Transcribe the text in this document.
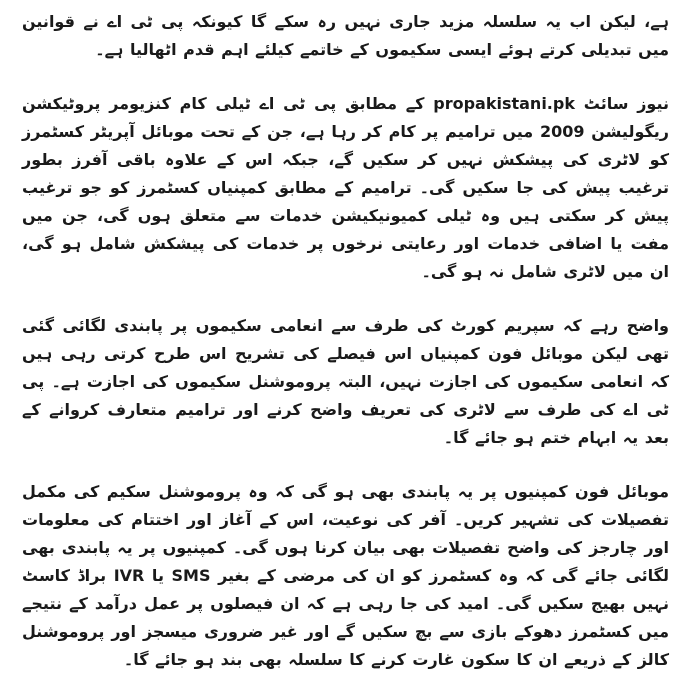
ہے، لیکن اب یہ سلسلہ مزید جاری نہیں رہ سکے گا کیونکہ پی ٹی اے نے قوانین میں تبدیلی کرتے ہوئے ایسی سکیموں کے خاتمے کیلئے اہم قدم اٹھالیا ہے۔

نیوز سائٹ propakistani.pk کے مطابق پی ٹی اے ٹیلی کام کنزیومر پروٹیکشن ریگولیشن 2009 میں ترامیم پر کام کر رہا ہے، جن کے تحت موبائل آپریٹر کسٹمرز کو لاٹری کی پیشکش نہیں کر سکیں گے، جبکہ اس کے علاوہ باقی آفرز بطور ترغیب پیش کی جا سکیں گی۔ ترامیم کے مطابق کمپنیاں کسٹمرز کو جو ترغیب پیش کر سکتی ہیں وہ ٹیلی کمیونیکیشن خدمات سے متعلق ہوں گی، جن میں مفت یا اضافی خدمات اور رعایتی نرخوں پر خدمات کی پیشکش شامل ہو گی، ان میں لاٹری شامل نہ ہو گی۔

واضح رہے کہ سپریم کورٹ کی طرف سے انعامی سکیموں پر پابندی لگائی گئی تھی لیکن موبائل فون کمپنیاں اس فیصلے کی تشریح اس طرح کرتی رہی ہیں کہ انعامی سکیموں کی اجازت نہیں، البتہ پروموشنل سکیموں کی اجازت ہے۔ پی ٹی اے کی طرف سے لاٹری کی تعریف واضح کرنے اور ترامیم متعارف کروانے کے بعد یہ ابہام ختم ہو جائے گا۔

موبائل فون کمپنیوں پر یہ پابندی بھی ہو گی کہ وہ پروموشنل سکیم کی مکمل تفصیلات کی تشہیر کریں۔ آفر کی نوعیت، اس کے آغاز اور اختتام کی معلومات اور چارجز کی واضح تفصیلات بھی بیان کرنا ہوں گی۔ کمپنیوں پر یہ پابندی بھی لگائی جائے گی کہ وہ کسٹمرز کو ان کی مرضی کے بغیر SMS یا IVR براڈ کاسٹ نہیں بھیج سکیں گی۔ امید کی جا رہی ہے کہ ان فیصلوں پر عمل درآمد کے نتیجے میں کسٹمرز دھوکے بازی سے بچ سکیں گے اور غیر ضروری میسجز اور پروموشنل کالز کے ذریعے ان کا سکون غارت کرنے کا سلسلہ بھی بند ہو جائے گا۔
